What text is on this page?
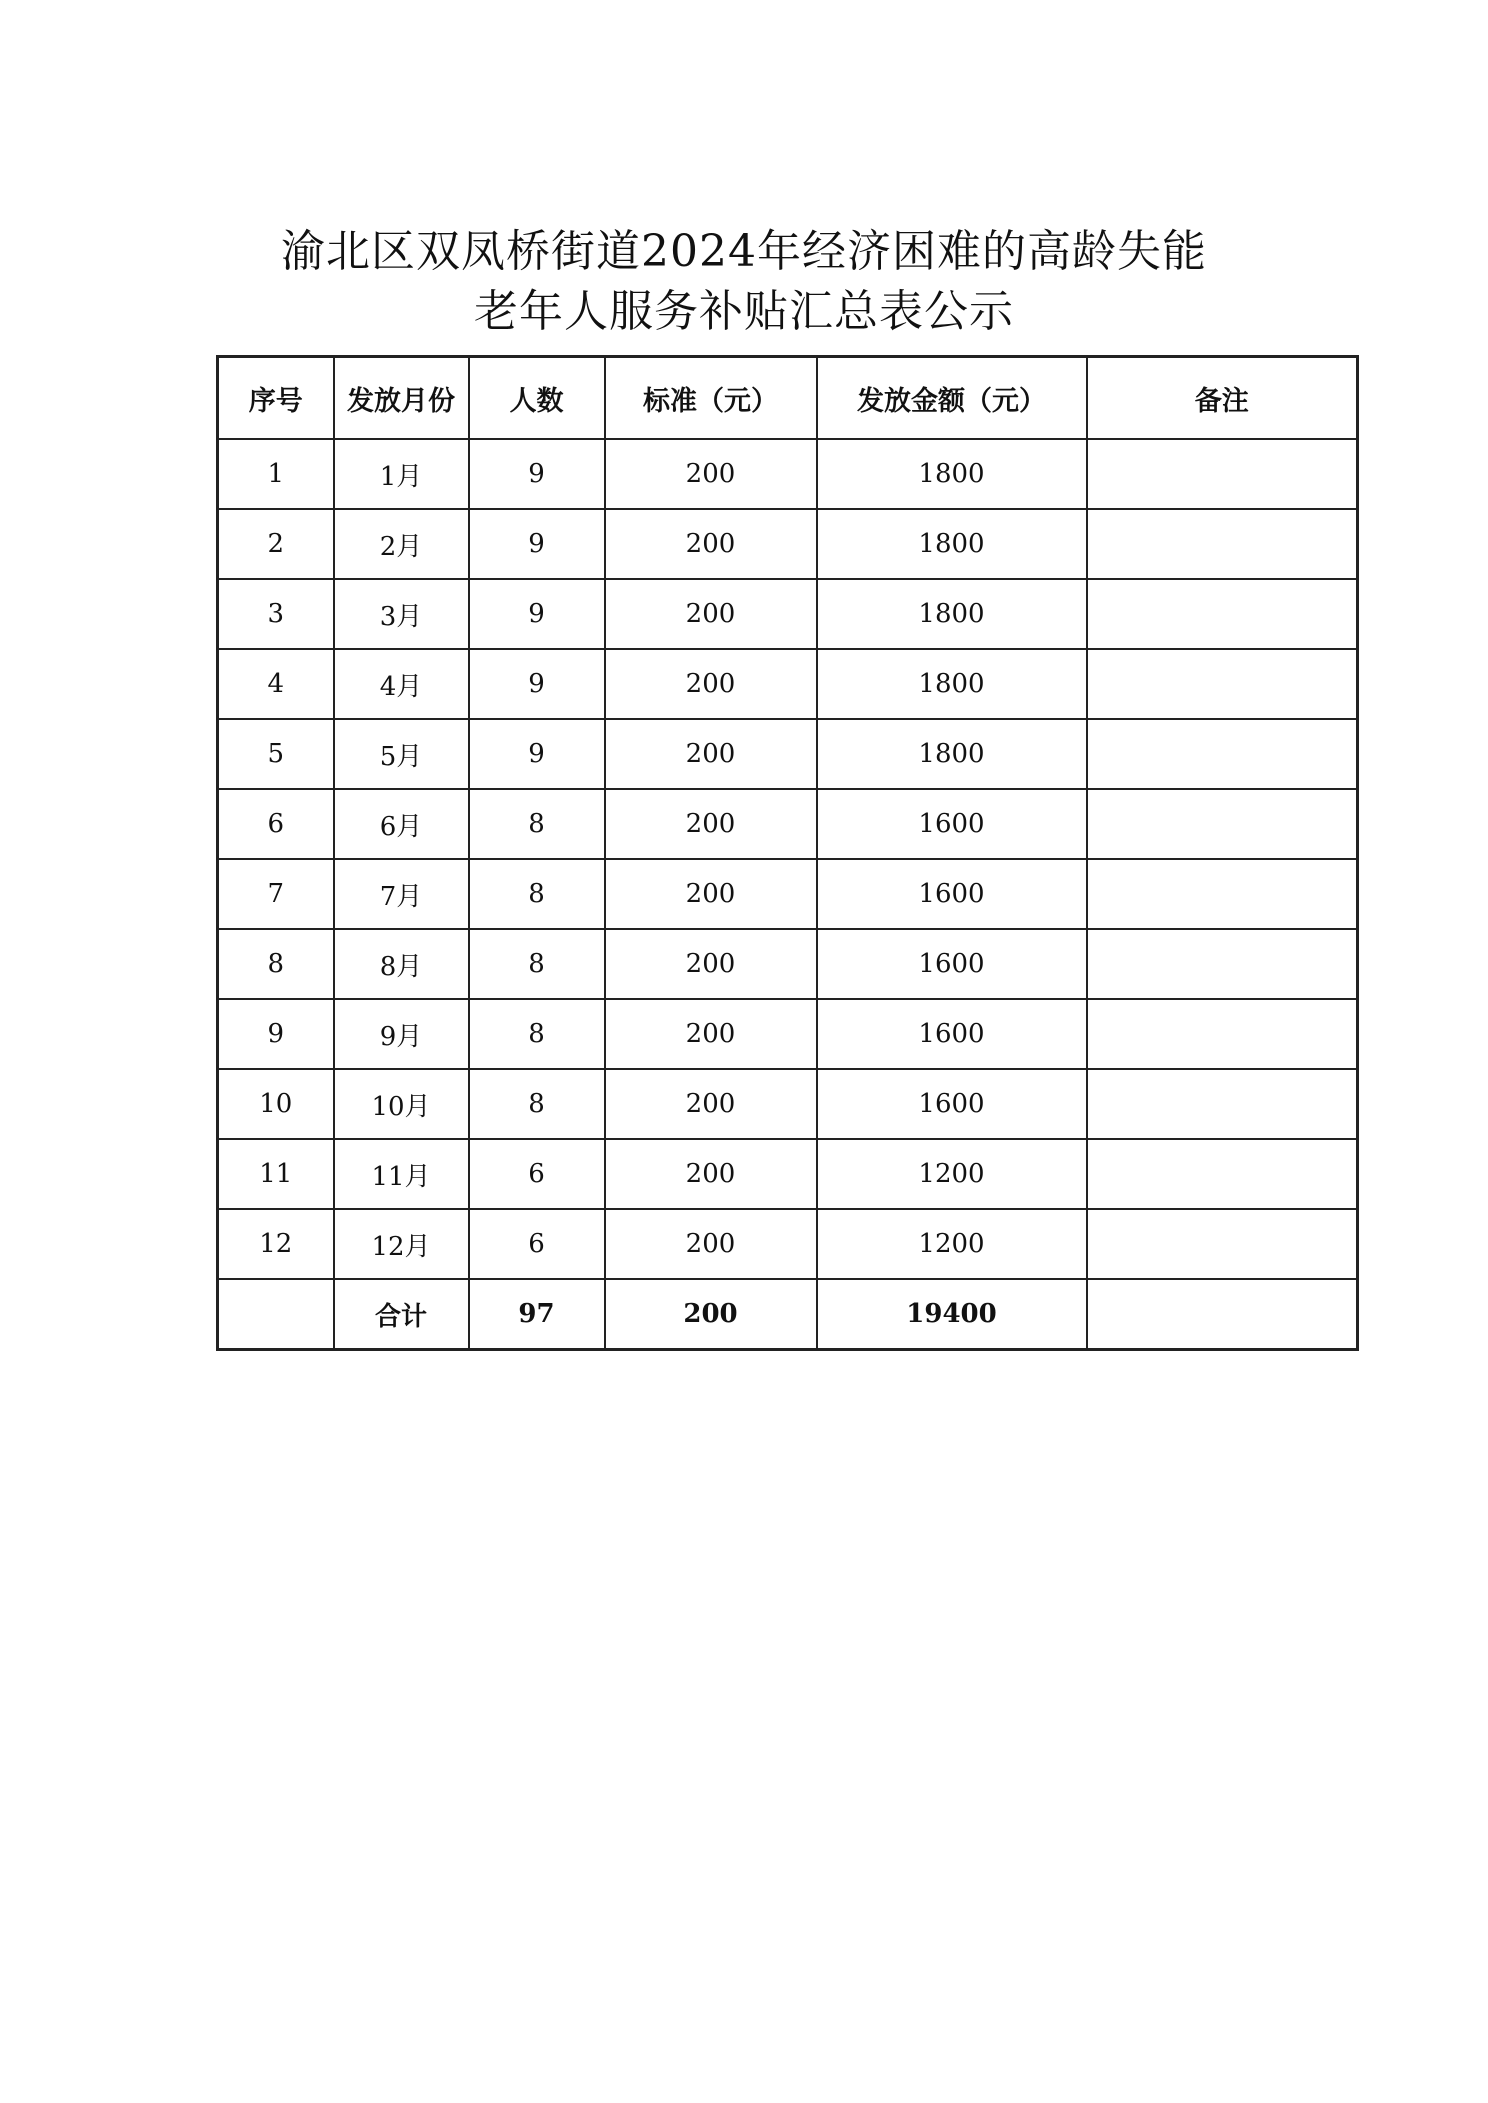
渝北区双凤桥街道2024年经济困难的高龄失能
老年人服务补贴汇总表公示
序号	发放月份	人数	标准（元）	发放金额（元）	备注
1	1月	9	200	1800	
2	2月	9	200	1800	
3	3月	9	200	1800	
4	4月	9	200	1800	
5	5月	9	200	1800	
6	6月	8	200	1600	
7	7月	8	200	1600	
8	8月	8	200	1600	
9	9月	8	200	1600	
10	10月	8	200	1600	
11	11月	6	200	1200	
12	12月	6	200	1200	
	合计	97	200	19400	
